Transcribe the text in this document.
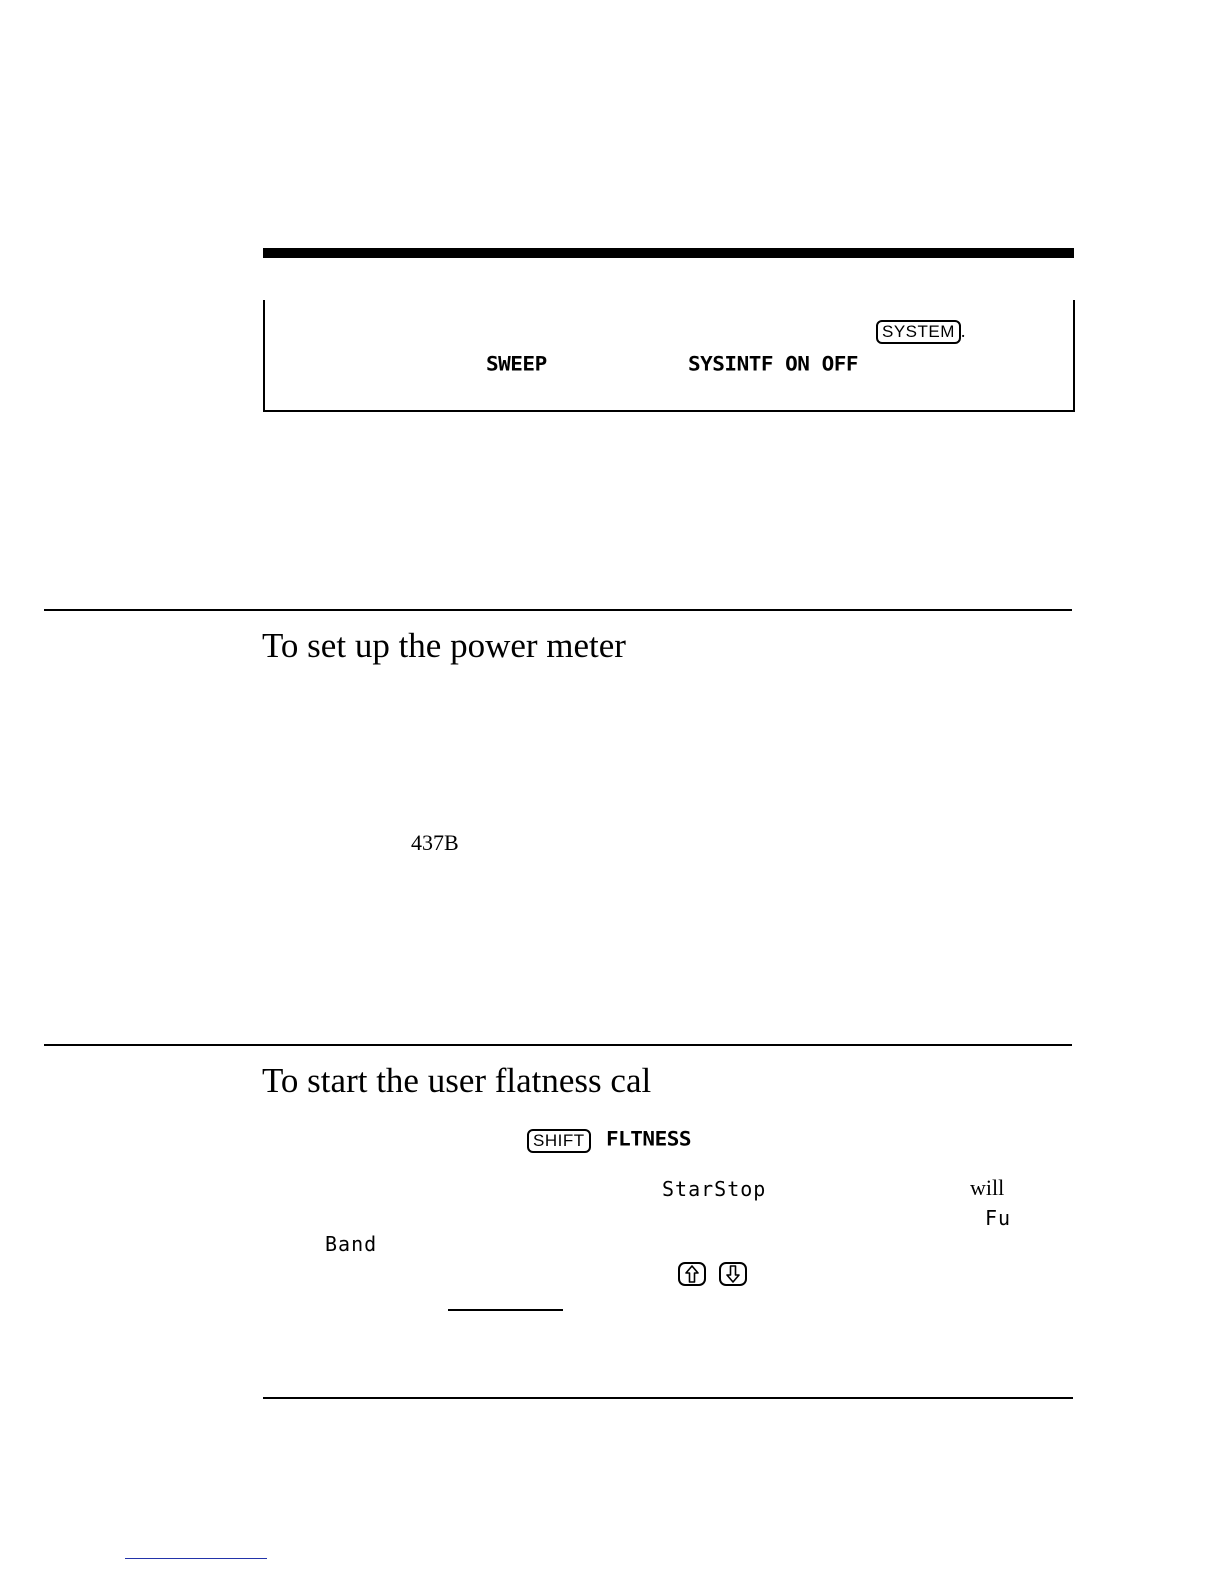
SYSTEM .
SWEEP	SYSINTF ON OFF
To set up the power meter
437B
To start the user flatness cal
SHIFT FLTNESS
StarStop	will
Fu
Band
